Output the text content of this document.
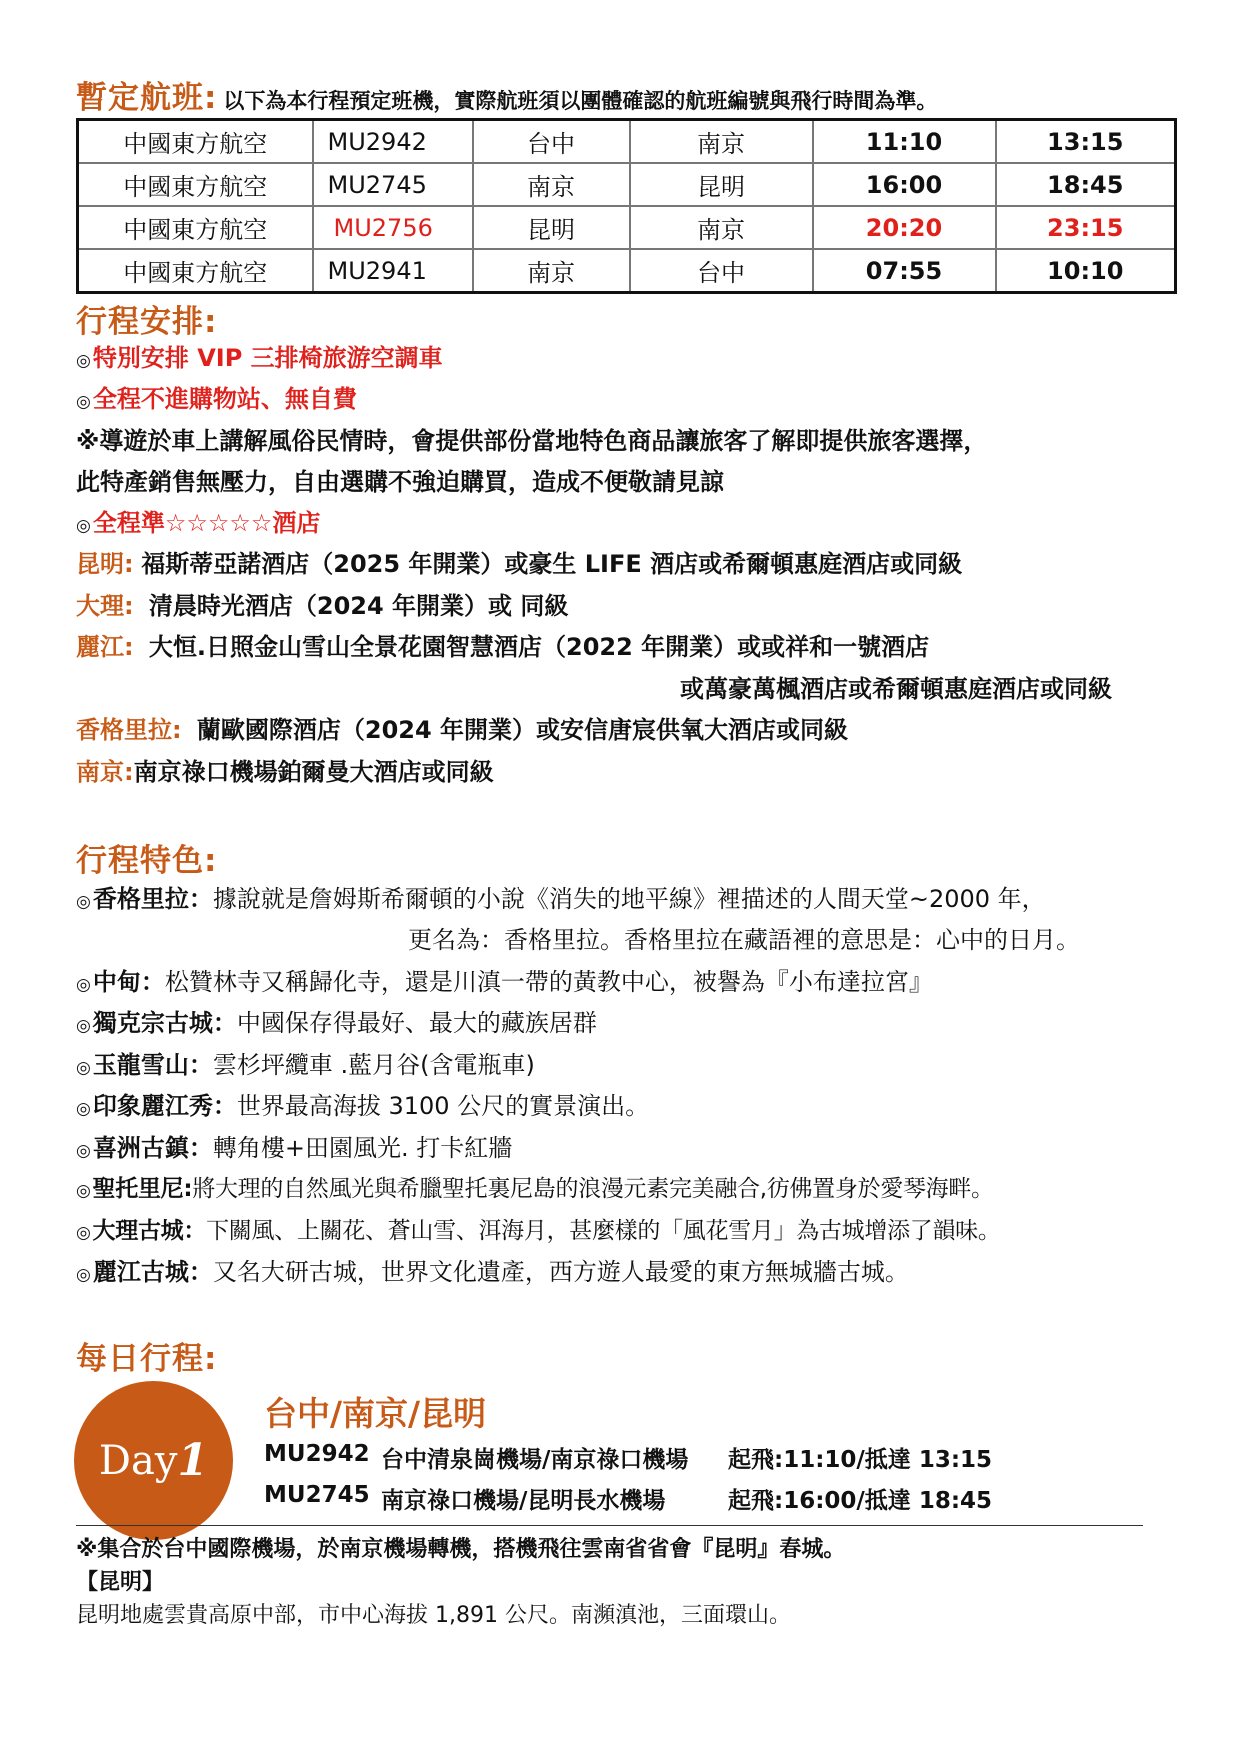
暫定航班: 以下為本行程預定班機，實際航班須以團體確認的航班編號與飛行時間為準。
中國東方航空	MU2942	台中	南京	11:10	13:15
中國東方航空	MU2745	南京	昆明	16:00	18:45
中國東方航空	MU2756	昆明	南京	20:20	23:15
中國東方航空	MU2941	南京	台中	07:55	10:10
行程安排:
◎特別安排 VIP 三排椅旅游空調車
◎全程不進購物站、無自費
※導遊於車上講解風俗民情時，會提供部份當地特色商品讓旅客了解即提供旅客選擇，
此特產銷售無壓力，自由選購不強迫購買，造成不便敬請見諒
◎全程準☆☆☆☆☆酒店
昆明: 福斯蒂亞諾酒店（2025 年開業）或豪生 LIFE 酒店或希爾頓惠庭酒店或同級
大理: 清晨時光酒店（2024 年開業）或 同級
麗江: 大恒.日照金山雪山全景花園智慧酒店（2022 年開業）或或祥和一號酒店
或萬豪萬楓酒店或希爾頓惠庭酒店或同級
香格里拉: 蘭歐國際酒店（2024 年開業）或安信唐宸供氧大酒店或同級
南京:南京祿口機場鉑爾曼大酒店或同級
行程特色:
◎香格里拉：據說就是詹姆斯希爾頓的小說《消失的地平線》裡描述的人間天堂~2000 年，
更名為：香格里拉。香格里拉在藏語裡的意思是：心中的日月。
◎中甸：松贊林寺又稱歸化寺，還是川滇一帶的黃教中心，被譽為『小布達拉宮』
◎獨克宗古城：中國保存得最好、最大的藏族居群
◎玉龍雪山：雲杉坪纜車 .藍月谷(含電瓶車)
◎印象麗江秀：世界最高海拔 3100 公尺的實景演出。
◎喜洲古鎮：轉角樓+田園風光. 打卡紅牆
◎聖托里尼:將大理的自然風光與希臘聖托裏尼島的浪漫元素完美融合,彷佛置身於愛琴海畔。
◎大理古城：下關風、上關花、蒼山雪、洱海月，甚麼樣的「風花雪月」為古城增添了韻味。
◎麗江古城：又名大研古城，世界文化遺產，西方遊人最愛的東方無城牆古城。
每日行程:
Day 1
台中/南京/昆明
MU2942 台中清泉崗機場/南京祿口機場 起飛:11:10/抵達 13:15
MU2745 南京祿口機場/昆明長水機場	起飛:16:00/抵達 18:45
※集合於台中國際機場，於南京機場轉機，搭機飛往雲南省省會『昆明』春城。
【昆明】
昆明地處雲貴高原中部，市中心海拔 1,891 公尺。南瀕滇池，三面環山。
